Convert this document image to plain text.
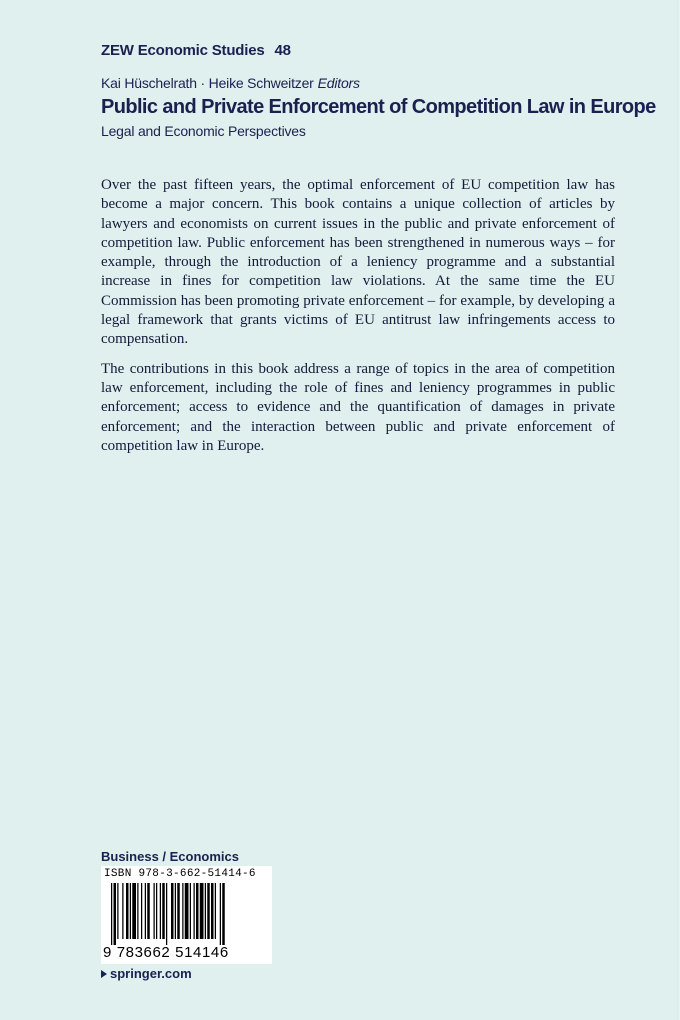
ZEW Economic Studies 48
Kai Hüschelrath · Heike Schweitzer Editors
Public and Private Enforcement of Competition Law in Europe
Legal and Economic Perspectives

Over the past fifteen years, the optimal enforcement of EU competition law has become a major concern. This book contains a unique collection of articles by lawyers and economists on current issues in the public and private enforcement of competition law. Public enforcement has been strengthened in numerous ways – for example, through the introduction of a leniency programme and a substantial increase in fines for competition law violations. At the same time the EU Commission has been promoting private enforcement – for example, by developing a legal framework that grants victims of EU antitrust law infringements access to compensation.

The contributions in this book address a range of topics in the area of competition law enforcement, including the role of fines and leniency programmes in public enforcement; access to evidence and the quantification of damages in private enforcement; and the interaction between public and private enforcement of competition law in Europe.

Business / Economics
ISBN 978-3-662-51414-6
9 783662 514146
springer.com
